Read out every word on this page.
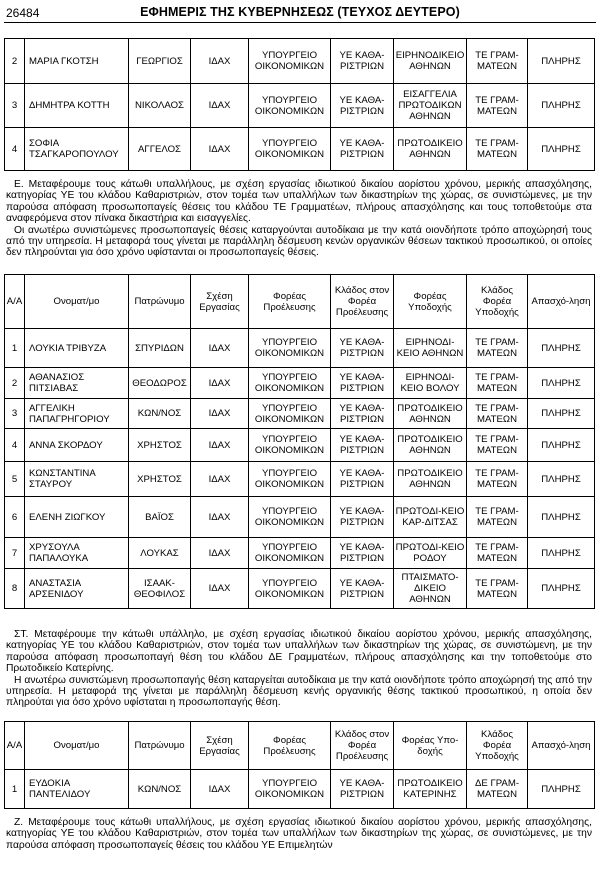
26484	ΕΦΗΜΕΡΙΣ ΤΗΣ ΚΥΒΕΡΝΗΣΕΩΣ (ΤΕΥΧΟΣ ΔΕΥΤΕΡΟ)
2	ΜΑΡΙΑ ΓΚΟΤΣΗ	ΓΕΩΡΓΙΟΣ	ΙΔΑΧ	ΥΠΟΥΡΓΕΙΟ ΟΙΚΟΝΟΜΙΚΩΝ	ΥΕ ΚΑΘΑ-ΡΙΣΤΡΙΩΝ	ΕΙΡΗΝΟΔΙΚΕΙΟ ΑΘΗΝΩΝ	ΤΕ ΓΡΑΜ-ΜΑΤΕΩΝ	ΠΛΗΡΗΣ
3	ΔΗΜΗΤΡΑ ΚΟΤΤΗ	ΝΙΚΟΛΑΟΣ	ΙΔΑΧ	ΥΠΟΥΡΓΕΙΟ ΟΙΚΟΝΟΜΙΚΩΝ	ΥΕ ΚΑΘΑ-ΡΙΣΤΡΙΩΝ	ΕΙΣΑΓΓΕΛΙΑ ΠΡΩΤΟΔΙΚΩΝ ΑΘΗΝΩΝ	ΤΕ ΓΡΑΜ-ΜΑΤΕΩΝ	ΠΛΗΡΗΣ
4	ΣΟΦΙΑ ΤΣΑΓΚΑΡΟΠΟΥΛΟΥ	ΑΓΓΕΛΟΣ	ΙΔΑΧ	ΥΠΟΥΡΓΕΙΟ ΟΙΚΟΝΟΜΙΚΩΝ	ΥΕ ΚΑΘΑ-ΡΙΣΤΡΙΩΝ	ΠΡΩΤΟΔΙΚΕΙΟ ΑΘΗΝΩΝ	ΤΕ ΓΡΑΜ-ΜΑΤΕΩΝ	ΠΛΗΡΗΣ

Ε. Μεταφέρουμε τους κάτωθι υπαλλήλους, με σχέση εργασίας ιδιωτικού δικαίου αορίστου χρόνου, μερικής απασχόλησης, κατηγορίας ΥΕ του κλάδου Καθαριστριών, στον τομέα των υπαλλήλων των δικαστηρίων της χώρας, σε συνιστώμενες, με την παρούσα απόφαση προσωποπαγείς θέσεις του κλάδου ΤΕ Γραμματέων, πλήρους απασχόλησης και τους τοποθετούμε στα αναφερόμενα στον πίνακα δικαστήρια και εισαγγελίες.

Οι ανωτέρω συνιστώμενες προσωποπαγείς θέσεις καταργούνται αυτοδίκαια με την κατά οιονδήποτε τρόπο αποχώρησή τους από την υπηρεσία. Η μεταφορά τους γίνεται με παράλληλη δέσμευση κενών οργανικών θέσεων τακτικού προσωπικού, οι οποίες δεν πληρούνται για όσο χρόνο υφίστανται οι προσωποπαγείς θέσεις.

Α/Α	Ονοματ/μο	Πατρώνυμο	Σχέση Εργασίας	Φορέας Προέλευσης	Κλάδος στον Φορέα Προέλευσης	Φορέας Υποδοχής	Κλάδος Φορέα Υποδοχής	Απασχό-ληση
1	ΛΟΥΚΙΑ ΤΡΙΒΥΖΑ	ΣΠΥΡΙΔΩΝ	ΙΔΑΧ	ΥΠΟΥΡΓΕΙΟ ΟΙΚΟΝΟΜΙΚΩΝ	ΥΕ ΚΑΘΑ-ΡΙΣΤΡΙΩΝ	ΕΙΡΗΝΟΔΙ-ΚΕΙΟ ΑΘΗΝΩΝ	ΤΕ ΓΡΑΜ-ΜΑΤΕΩΝ	ΠΛΗΡΗΣ
2	ΑΘΑΝΑΣΙΟΣ ΠΙΤΣΙΑΒΑΣ	ΘΕΟΔΩΡΟΣ	ΙΔΑΧ	ΥΠΟΥΡΓΕΙΟ ΟΙΚΟΝΟΜΙΚΩΝ	ΥΕ ΚΑΘΑ-ΡΙΣΤΡΙΩΝ	ΕΙΡΗΝΟΔΙ-ΚΕΙΟ ΒΟΛΟΥ	ΤΕ ΓΡΑΜ-ΜΑΤΕΩΝ	ΠΛΗΡΗΣ
3	ΑΓΓΕΛΙΚΗ ΠΑΠΑΓΡΗΓΟΡΙΟΥ	ΚΩΝ/ΝΟΣ	ΙΔΑΧ	ΥΠΟΥΡΓΕΙΟ ΟΙΚΟΝΟΜΙΚΩΝ	ΥΕ ΚΑΘΑ-ΡΙΣΤΡΙΩΝ	ΠΡΩΤΟΔΙΚΕΙΟ ΑΘΗΝΩΝ	ΤΕ ΓΡΑΜ-ΜΑΤΕΩΝ	ΠΛΗΡΗΣ
4	ΑΝΝΑ ΣΚΟΡΔΟΥ	ΧΡΗΣΤΟΣ	ΙΔΑΧ	ΥΠΟΥΡΓΕΙΟ ΟΙΚΟΝΟΜΙΚΩΝ	ΥΕ ΚΑΘΑ-ΡΙΣΤΡΙΩΝ	ΠΡΩΤΟΔΙΚΕΙΟ ΑΘΗΝΩΝ	ΤΕ ΓΡΑΜ-ΜΑΤΕΩΝ	ΠΛΗΡΗΣ
5	ΚΩΝΣΤΑΝΤΙΝΑ ΣΤΑΥΡΟΥ	ΧΡΗΣΤΟΣ	ΙΔΑΧ	ΥΠΟΥΡΓΕΙΟ ΟΙΚΟΝΟΜΙΚΩΝ	ΥΕ ΚΑΘΑ-ΡΙΣΤΡΙΩΝ	ΠΡΩΤΟΔΙΚΕΙΟ ΑΘΗΝΩΝ	ΤΕ ΓΡΑΜ-ΜΑΤΕΩΝ	ΠΛΗΡΗΣ
6	ΕΛΕΝΗ ΖΙΩΓΚΟΥ	ΒΑΪΟΣ	ΙΔΑΧ	ΥΠΟΥΡΓΕΙΟ ΟΙΚΟΝΟΜΙΚΩΝ	ΥΕ ΚΑΘΑ-ΡΙΣΤΡΙΩΝ	ΠΡΩΤΟΔΙ-ΚΕΙΟ ΚΑΡ-ΔΙΤΣΑΣ	ΤΕ ΓΡΑΜ-ΜΑΤΕΩΝ	ΠΛΗΡΗΣ
7	ΧΡΥΣΟΥΛΑ ΠΑΠΑΛΟΥΚΑ	ΛΟΥΚΑΣ	ΙΔΑΧ	ΥΠΟΥΡΓΕΙΟ ΟΙΚΟΝΟΜΙΚΩΝ	ΥΕ ΚΑΘΑ-ΡΙΣΤΡΙΩΝ	ΠΡΩΤΟΔΙ-ΚΕΙΟ ΡΟΔΟΥ	ΤΕ ΓΡΑΜ-ΜΑΤΕΩΝ	ΠΛΗΡΗΣ
8	ΑΝΑΣΤΑΣΙΑ ΑΡΣΕΝΙΔΟΥ	ΙΣΑΑΚ-ΘΕΟΦΙΛΟΣ	ΙΔΑΧ	ΥΠΟΥΡΓΕΙΟ ΟΙΚΟΝΟΜΙΚΩΝ	ΥΕ ΚΑΘΑ-ΡΙΣΤΡΙΩΝ	ΠΤΑΙΣΜΑΤΟ-ΔΙΚΕΙΟ ΑΘΗΝΩΝ	ΤΕ ΓΡΑΜ-ΜΑΤΕΩΝ	ΠΛΗΡΗΣ

ΣΤ. Μεταφέρουμε την κάτωθι υπάλληλο, με σχέση εργασίας ιδιωτικού δικαίου αορίστου χρόνου, μερικής απασχόλησης, κατηγορίας ΥΕ του κλάδου Καθαριστριών, στον τομέα των υπαλλήλων των δικαστηρίων της χώρας, σε συνιστώμενη, με την παρούσα απόφαση προσωποπαγή θέση του κλάδου ΔΕ Γραμματέων, πλήρους απασχόλησης και την τοποθετούμε στο Πρωτοδικείο Κατερίνης.

Η ανωτέρω συνιστώμενη προσωποπαγής θέση καταργείται αυτοδίκαια με την κατά οιονδήποτε τρόπο αποχώρησή της από την υπηρεσία. Η μεταφορά της γίνεται με παράλληλη δέσμευση κενής οργανικής θέσης τακτικού προσωπικού, η οποία δεν πληρούται για όσο χρόνο υφίσταται η προσωποπαγής θέση.

Α/Α	Ονοματ/μο	Πατρώνυμο	Σχέση Εργασίας	Φορέας Προέλευσης	Κλάδος στον Φορέα Προέλευσης	Φορέας Υπο-δοχής	Κλάδος Φορέα Υποδοχής	Απασχό-ληση
1	ΕΥΔΟΚΙΑ ΠΑΝΤΕΛΙΔΟΥ	ΚΩΝ/ΝΟΣ	ΙΔΑΧ	ΥΠΟΥΡΓΕΙΟ ΟΙΚΟΝΟΜΙΚΩΝ	ΥΕ ΚΑΘΑ-ΡΙΣΤΡΙΩΝ	ΠΡΩΤΟΔΙΚΕΙΟ ΚΑΤΕΡΙΝΗΣ	ΔΕ ΓΡΑΜ-ΜΑΤΕΩΝ	ΠΛΗΡΗΣ

Ζ. Μεταφέρουμε τους κάτωθι υπαλλήλους, με σχέση εργασίας ιδιωτικού δικαίου αορίστου χρόνου, μερικής απασχόλησης, κατηγορίας ΥΕ του κλάδου Καθαριστριών, στον τομέα των υπαλλήλων των δικαστηρίων της χώρας, σε συνιστώμενες, με την παρούσα απόφαση προσωποπαγείς θέσεις του κλάδου ΥΕ Επιμελητών
